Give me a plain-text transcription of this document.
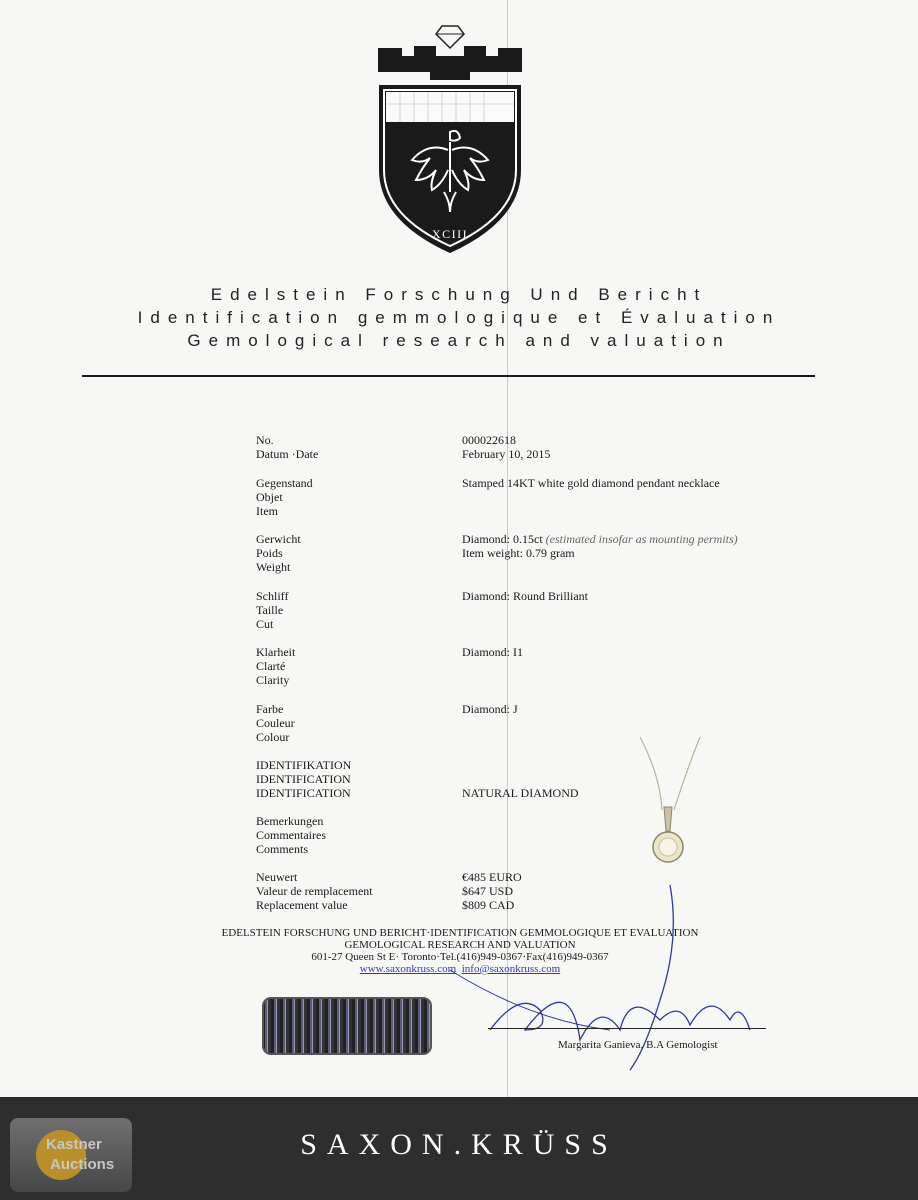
XCIII
Edelstein Forschung Und Bericht
Identification gemmologique et Évaluation
Gemological research and valuation
No.
Datum ·Date
000022618
February 10, 2015
Gegenstand
Objet
Item
Stamped 14KT white gold diamond pendant necklace
Gerwicht
Poids
Weight
Diamond: 0.15ct (estimated insofar as mounting permits)
Item weight: 0.79 gram
Schliff
Taille
Cut
Diamond: Round Brilliant
Klarheit
Clarté
Clarity
Diamond: I1
Farbe
Couleur
Colour
Diamond: J
IDENTIFIKATION
IDENTIFICATION
IDENTIFICATION	NATURAL DIAMOND
Bemerkungen
Commentaires
Comments
Neuwert
Valeur de remplacement
Replacement value
€485 EURO
$647 USD
$809 CAD
EDELSTEIN FORSCHUNG UND BERICHT·IDENTIFICATION GEMMOLOGIQUE ET EVALUATION
GEMOLOGICAL RESEARCH AND VALUATION
601-27 Queen St E· Toronto·Tel.(416)949-0367·Fax(416)949-0367
www.saxonkruss.com info@saxonkruss.com
Margarita Ganieva, B.A Gemologist
SAXON.KRÜSS
Kastner
Auctions
